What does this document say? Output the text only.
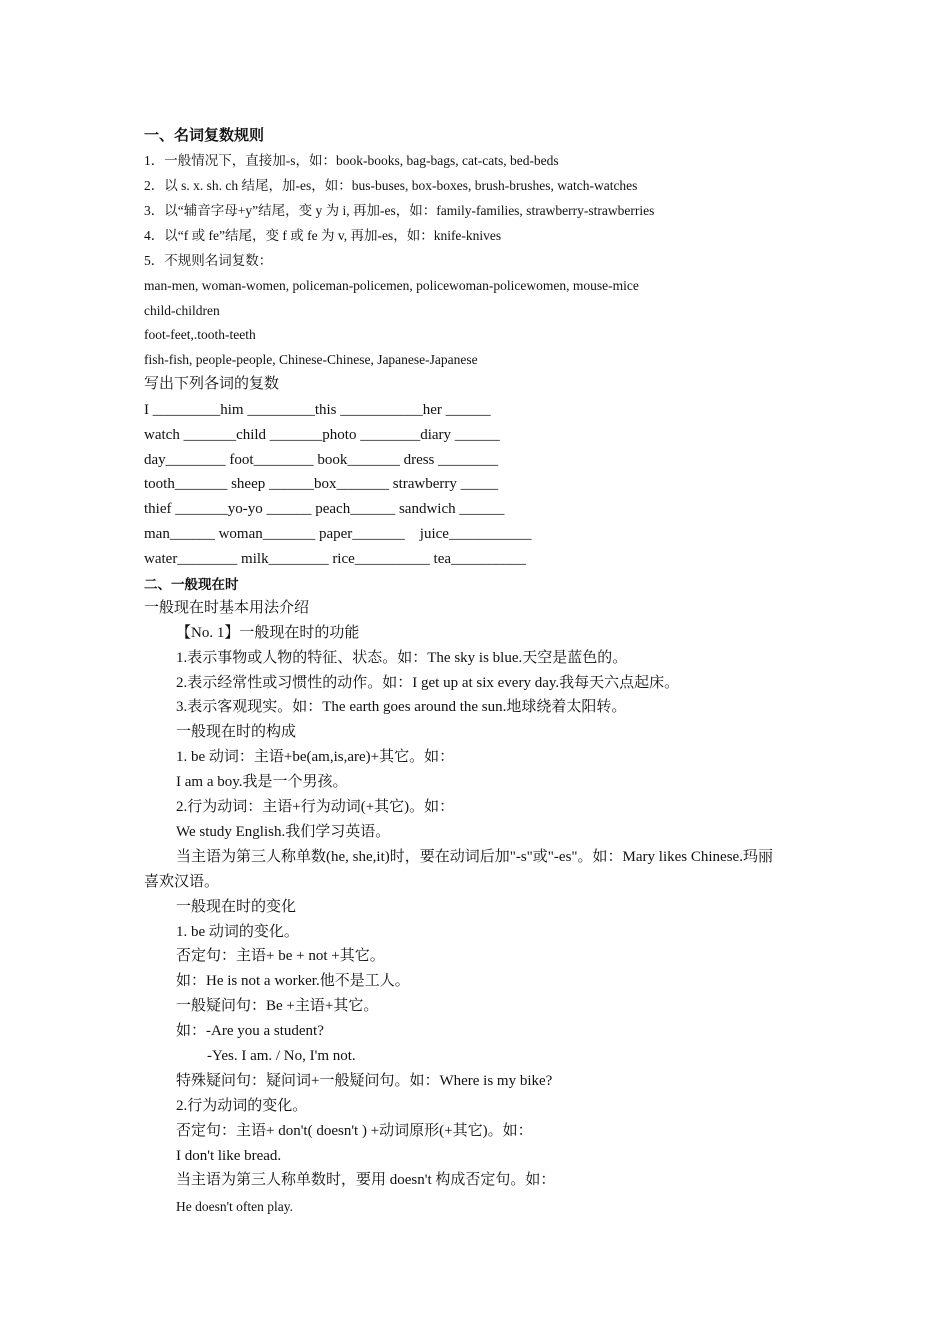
一、名词复数规则
1．一般情况下，直接加-s，如：book-books, bag-bags, cat-cats, bed-beds
2．以 s. x. sh. ch 结尾，加-es，如：bus-buses, box-boxes, brush-brushes, watch-watches
3．以“辅音字母+y”结尾，变 y 为 i, 再加-es，如：family-families, strawberry-strawberries
4．以“f 或 fe”结尾，变 f 或 fe 为 v, 再加-es，如：knife-knives
5．不规则名词复数：
man-men, woman-women, policeman-policemen, policewoman-policewomen, mouse-mice
child-children
foot-feet,.tooth-teeth
fish-fish, people-people, Chinese-Chinese, Japanese-Japanese
写出下列各词的复数
I _________him _________this ___________her ______
watch _______child _______photo ________diary ______
day________ foot________ book_______ dress ________
tooth_______ sheep ______box_______ strawberry _____
thief _______yo-yo ______ peach______ sandwich ______
man______ woman_______ paper_______    juice___________
water________ milk________ rice__________ tea__________
二、一般现在时
一般现在时基本用法介绍
【No. 1】一般现在时的功能
1.表示事物或人物的特征、状态。如：The sky is blue.天空是蓝色的。
2.表示经常性或习惯性的动作。如：I get up at six every day.我每天六点起床。
3.表示客观现实。如：The earth goes around the sun.地球绕着太阳转。
一般现在时的构成
1. be 动词：主语+be(am,is,are)+其它。如：
I am a boy.我是一个男孩。
2.行为动词：主语+行为动词(+其它)。如：
We study English.我们学习英语。
当主语为第三人称单数(he, she,it)时，要在动词后加"-s"或"-es"。如：Mary likes Chinese.玛丽
喜欢汉语。
一般现在时的变化
1. be 动词的变化。
否定句：主语+ be + not +其它。
如：He is not a worker.他不是工人。
一般疑问句：Be +主语+其它。
如：-Are you a student?
-Yes. I am. / No, I'm not.
特殊疑问句：疑问词+一般疑问句。如：Where is my bike?
2.行为动词的变化。
否定句：主语+ don't( doesn't ) +动词原形(+其它)。如：
I don't like bread.
当主语为第三人称单数时，要用 doesn't 构成否定句。如：
He doesn't often play.
